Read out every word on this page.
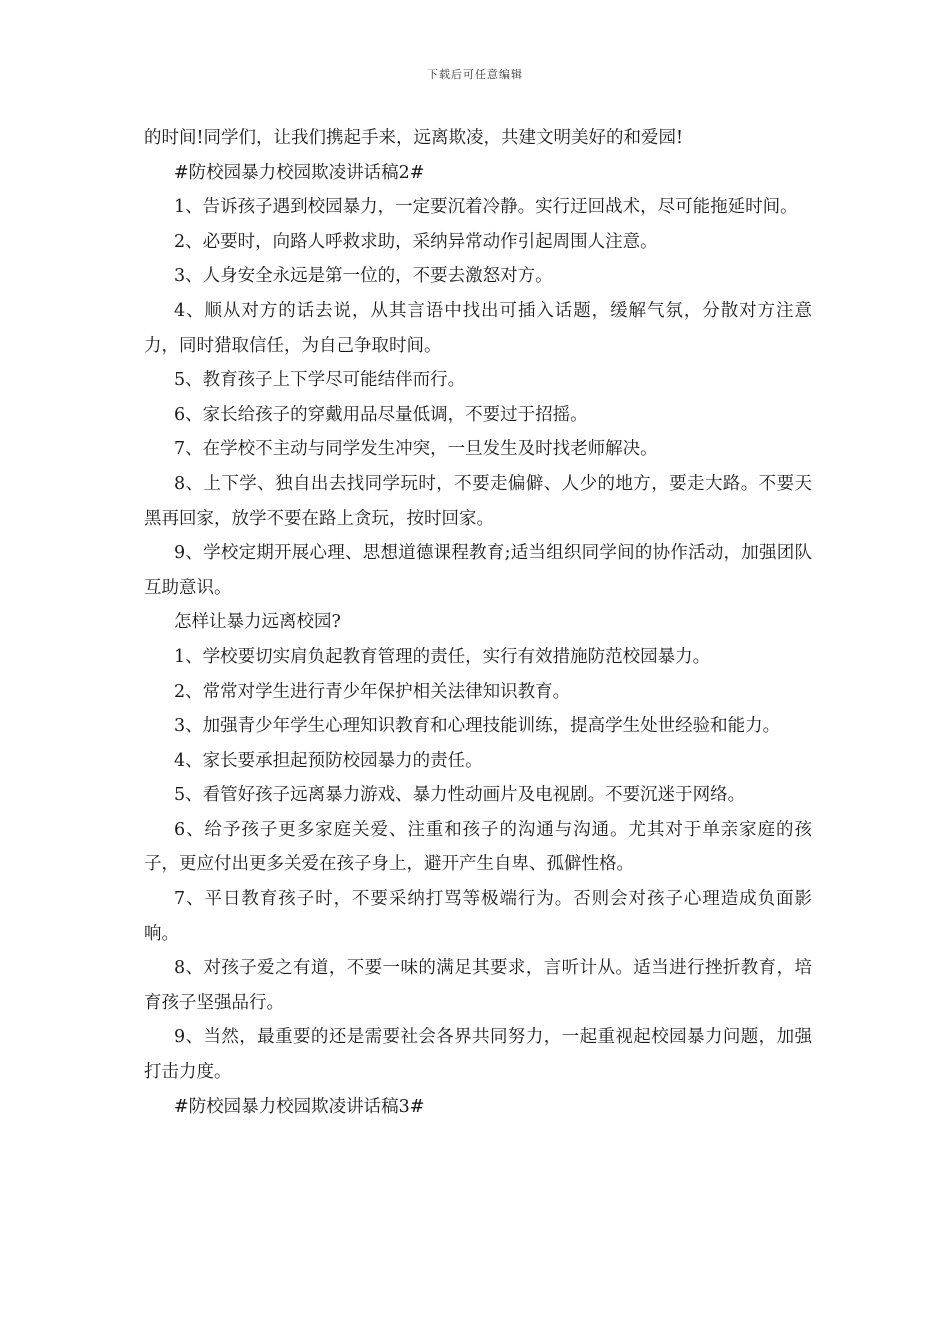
下载后可任意编辑

的时间!同学们，让我们携起手来，远离欺凌，共建文明美好的和爱园!

#防校园暴力校园欺凌讲话稿2#

1、告诉孩子遇到校园暴力，一定要沉着冷静。实行迂回战术，尽可能拖延时间。

2、必要时，向路人呼救求助，采纳异常动作引起周围人注意。

3、人身安全永远是第一位的，不要去激怒对方。

4、顺从对方的话去说，从其言语中找出可插入话题，缓解气氛，分散对方注意力，同时猎取信任，为自己争取时间。

5、教育孩子上下学尽可能结伴而行。

6、家长给孩子的穿戴用品尽量低调，不要过于招摇。

7、在学校不主动与同学发生冲突，一旦发生及时找老师解决。

8、上下学、独自出去找同学玩时，不要走偏僻、人少的地方，要走大路。不要天黑再回家，放学不要在路上贪玩，按时回家。

9、学校定期开展心理、思想道德课程教育;适当组织同学间的协作活动，加强团队互助意识。

怎样让暴力远离校园?

1、学校要切实肩负起教育管理的责任，实行有效措施防范校园暴力。

2、常常对学生进行青少年保护相关法律知识教育。

3、加强青少年学生心理知识教育和心理技能训练，提高学生处世经验和能力。

4、家长要承担起预防校园暴力的责任。

5、看管好孩子远离暴力游戏、暴力性动画片及电视剧。不要沉迷于网络。

6、给予孩子更多家庭关爱、注重和孩子的沟通与沟通。尤其对于单亲家庭的孩子，更应付出更多关爱在孩子身上，避开产生自卑、孤僻性格。

7、平日教育孩子时，不要采纳打骂等极端行为。否则会对孩子心理造成负面影响。

8、对孩子爱之有道，不要一味的满足其要求，言听计从。适当进行挫折教育，培育孩子坚强品行。

9、当然，最重要的还是需要社会各界共同努力，一起重视起校园暴力问题，加强打击力度。

#防校园暴力校园欺凌讲话稿3#
